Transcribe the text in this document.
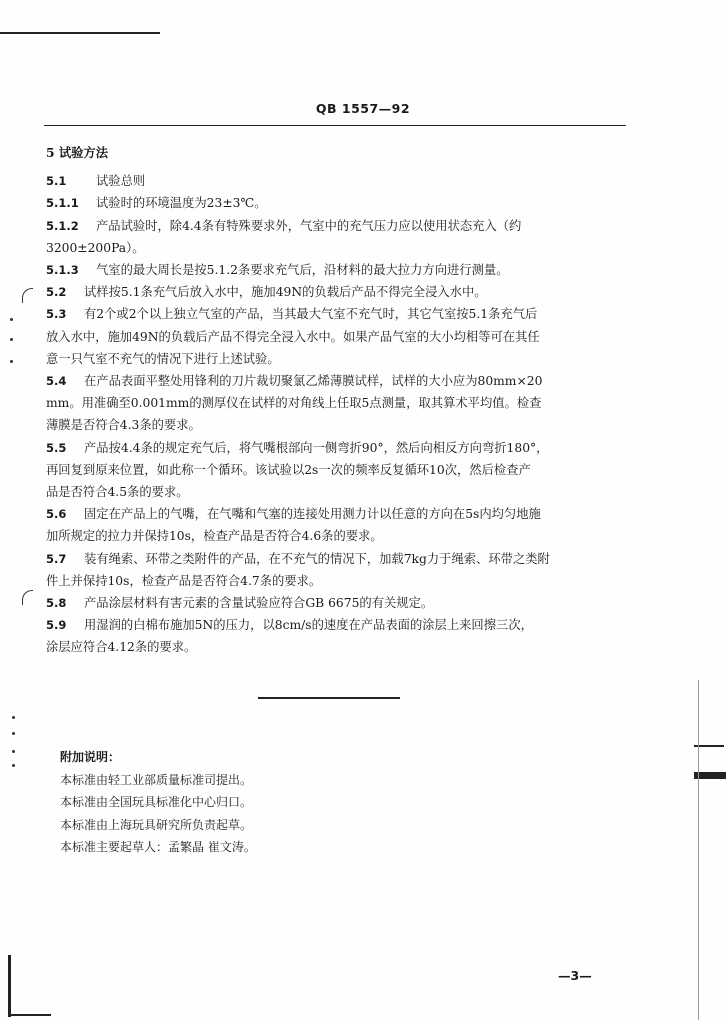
QB 1557—92
5 试验方法
5.1 试验总则
5.1.1 试验时的环境温度为23±3℃。
5.1.2 产品试验时，除4.4条有特殊要求外，气室中的充气压力应以使用状态充入（约
3200±200Pa）。
5.1.3 气室的最大周长是按5.1.2条要求充气后，沿材料的最大拉力方向进行测量。
5.2 试样按5.1条充气后放入水中，施加49N的负载后产品不得完全浸入水中。
5.3 有2个或2个以上独立气室的产品，当其最大气室不充气时，其它气室按5.1条充气后
放入水中，施加49N的负载后产品不得完全浸入水中。如果产品气室的大小均相等可在其任
意一只气室不充气的情况下进行上述试验。
5.4 在产品表面平整处用锋利的刀片裁切聚氯乙烯薄膜试样，试样的大小应为80mm×20
mm。用准确至0.001mm的测厚仪在试样的对角线上任取5点测量，取其算术平均值。检查
薄膜是否符合4.3条的要求。
5.5 产品按4.4条的规定充气后，将气嘴根部向一侧弯折90°，然后向相反方向弯折180°，
再回复到原来位置，如此称一个循环。该试验以2s一次的频率反复循环10次，然后检查产
品是否符合4.5条的要求。
5.6 固定在产品上的气嘴，在气嘴和气塞的连接处用测力计以任意的方向在5s内均匀地施
加所规定的拉力并保持10s，检查产品是否符合4.6条的要求。
5.7 装有绳索、环带之类附件的产品，在不充气的情况下，加载7kg力于绳索、环带之类附
件上并保持10s，检查产品是否符合4.7条的要求。
5.8 产品涂层材料有害元素的含量试验应符合GB 6675的有关规定。
5.9 用湿润的白棉布施加5N的压力，以8cm/s的速度在产品表面的涂层上来回擦三次，
涂层应符合4.12条的要求。
附加说明：
本标准由轻工业部质量标准司提出。
本标准由全国玩具标准化中心归口。
本标准由上海玩具研究所负责起草。
本标准主要起草人：孟繁晶 崔文涛。
—3—
